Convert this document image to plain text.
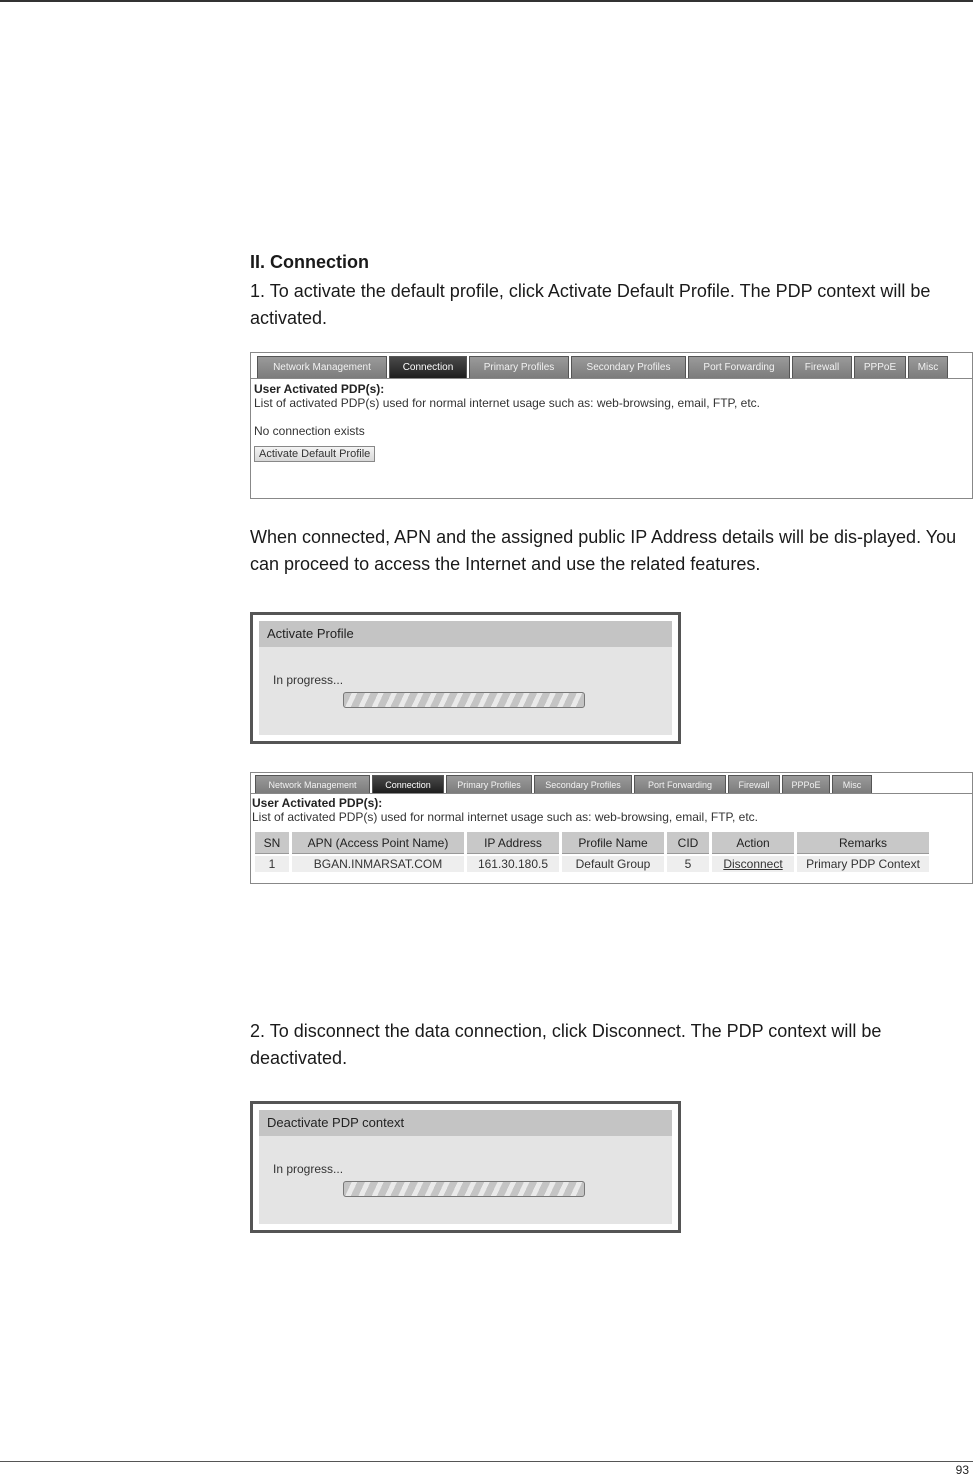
II. Connection
1. To activate the default profile, click Activate Default Profile. The PDP context will be activated.
Network Management	Connection	Primary Profiles	Secondary Profiles	Port Forwarding	Firewall	PPPoE	Misc
User Activated PDP(s):
List of activated PDP(s) used for normal internet usage such as: web-browsing, email, FTP, etc.
No connection exists
Activate Default Profile
When connected, APN and the assigned public IP Address details will be dis-played. You can proceed to access the Internet and use the related features.
Activate Profile
In progress...
Network Management	Connection	Primary Profiles	Secondary Profiles	Port Forwarding	Firewall	PPPoE	Misc
User Activated PDP(s):
List of activated PDP(s) used for normal internet usage such as: web-browsing, email, FTP, etc.
SN	APN (Access Point Name)	IP Address	Profile Name	CID	Action	Remarks
1	BGAN.INMARSAT.COM	161.30.180.5	Default Group	5	Disconnect	Primary PDP Context
2. To disconnect the data connection, click Disconnect. The PDP context will be deactivated.
Deactivate PDP context
In progress...
93
